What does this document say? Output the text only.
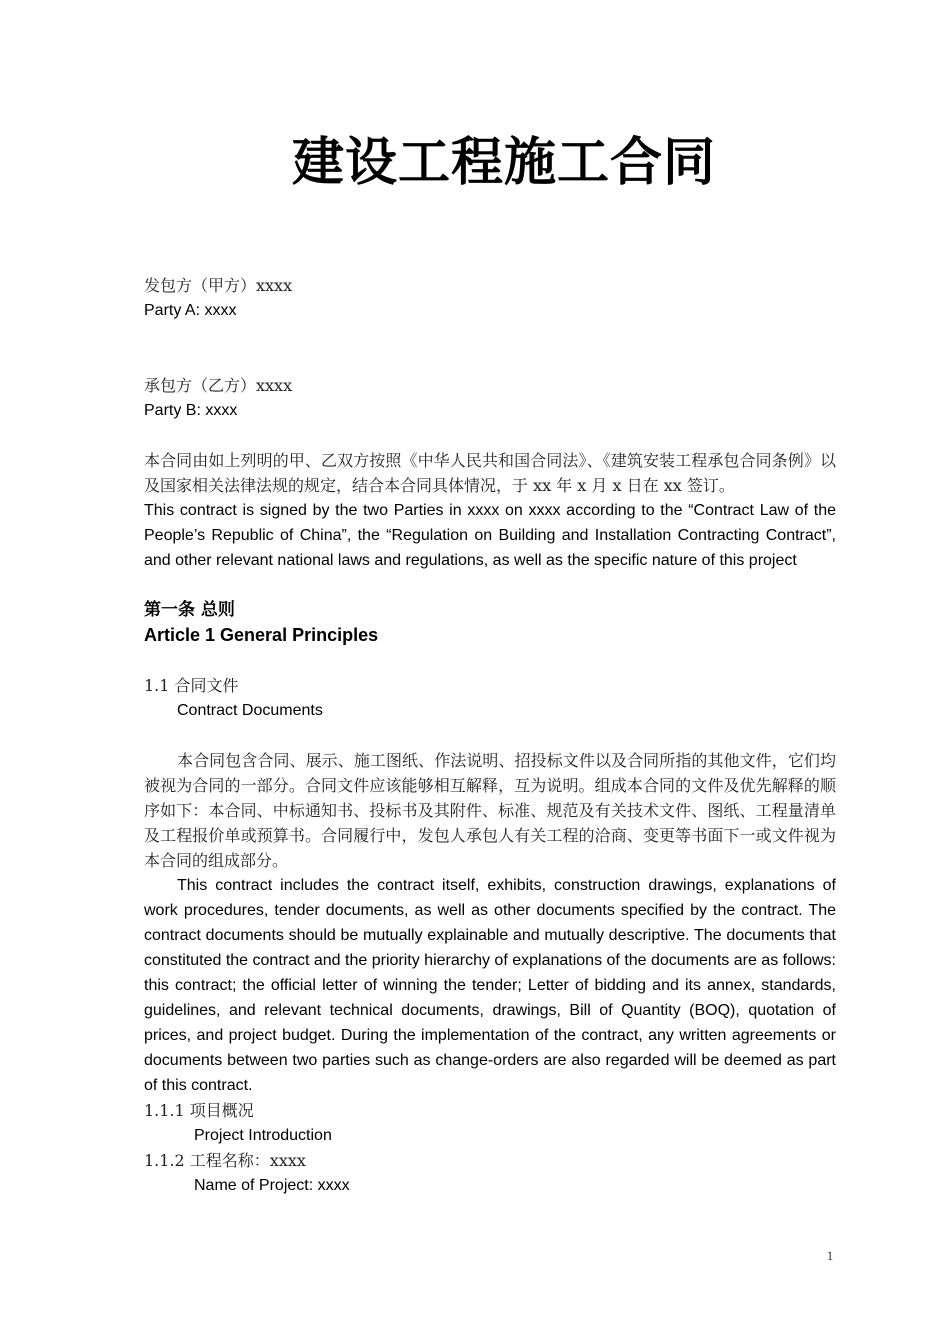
建设工程施工合同

发包方（甲方）xxxx

Party A: xxxx

承包方（乙方）xxxx

Party B: xxxx

本合同由如上列明的甲、乙双方按照《中华人民共和国合同法》、《建筑安装工程承包合同条例》以及国家相关法律法规的规定，结合本合同具体情况，于 xx 年 x 月 x 日在 xx 签订。

This contract is signed by the two Parties in xxxx on xxxx according to the “Contract Law of the People’s Republic of China”, the “Regulation on Building and Installation Contracting Contract”, and other relevant national laws and regulations, as well as the specific nature of this project

第一条 总则

Article 1 General Principles

1.1 合同文件

Contract Documents

本合同包含合同、展示、施工图纸、作法说明、招投标文件以及合同所指的其他文件，它们均被视为合同的一部分。合同文件应该能够相互解释，互为说明。组成本合同的文件及优先解释的顺序如下：本合同、中标通知书、投标书及其附件、标准、规范及有关技术文件、图纸、工程量清单及工程报价单或预算书。合同履行中，发包人承包人有关工程的洽商、变更等书面下一或文件视为本合同的组成部分。

This contract includes the contract itself, exhibits, construction drawings, explanations of work procedures, tender documents, as well as other documents specified by the contract. The contract documents should be mutually explainable and mutually descriptive. The documents that constituted the contract and the priority hierarchy of explanations of the documents are as follows: this contract; the official letter of winning the tender; Letter of bidding and its annex, standards, guidelines, and relevant technical documents, drawings, Bill of Quantity (BOQ), quotation of prices, and project budget. During the implementation of the contract, any written agreements or documents between two parties such as change-orders are also regarded will be deemed as part of this contract.

1.1.1 项目概况

Project Introduction

1.1.2 工程名称：xxxx

Name of Project: xxxx

1
